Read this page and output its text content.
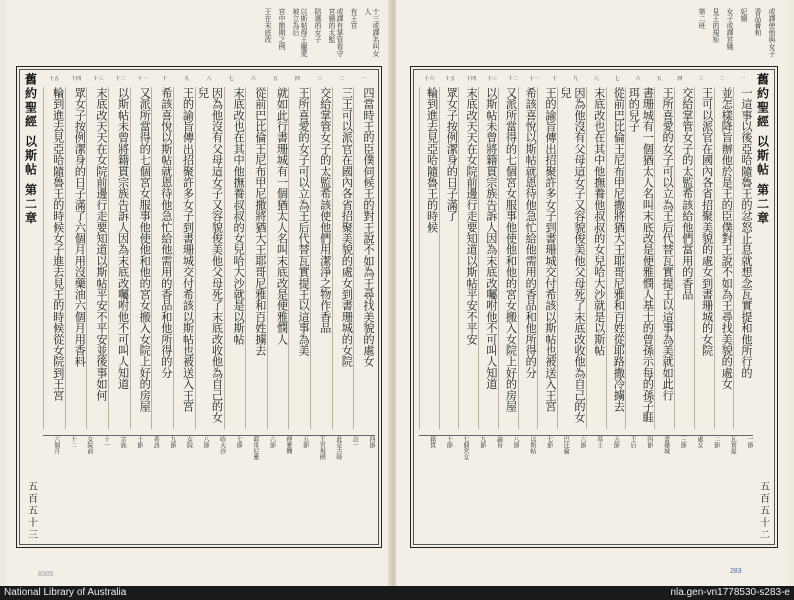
十三或譯名叫女人
有王宮
或譯有掌管看守宮嬪的太監
陪選的女子
以斯帖得王寵愛被立為后
宮中節期之例
王在末底改
舊約聖經 以斯帖 第二章
五百五十三
一
二
三
四
五
六
七
八
九
十
十一
十二
十三
十四
十五
四當時王的臣僕伺候王的對王說不如為王尋找美貌的處女
三王可以派官在國內各省招聚美貌的處女到書珊城的女院
交給掌管女子的太監希該使他們用潔淨之物作香品
王所喜愛的女子可以立為王后代替瓦實提王以這事為美
就如此行書珊城有一個猶太人名叫末底改是便雅憫人
從前巴比倫王尼布甲尼撒將猶大王耶哥尼雅和百姓擄去
末底改也在其中他撫養叔叔的女兒哈大沙就是以斯帖
因為他沒有父母這女子又容貌俊美他父母死了末底改收他為自己的女兒
王的諭旨傳出招聚許多女子到書珊城交付希該以斯帖也被送入王宮
希該喜悅以斯帖就恩待他急忙給他需用的香品和他所得的分
又派所當得的七個宮女服事他使他和他的宮女搬入女院上好的房屋
以斯帖未曾將籍貫宗族告訴人因為末底改囑咐他不可叫人知道
末底改天天在女院前邊行走要知道以斯帖平安不平安並後事如何
眾女子按例潔身的日子滿了六個月用沒藥油六個月用香料
輪到進去見亞哈隨魯王的時候女子進去見王的時候從女院到王宮
四節
註一
此是古時
王宮規例
五節
便雅憫
六節
耶哥尼雅
七節
哈大沙
八節
女院
九節
希該
十節
宗族
十一
女院前
十二
六個月
8305
或譯使他與女子
香品膏和
妃嬪
女子或譯宮娥
見王的規矩
第二班
舊約聖經 以斯帖 第二章
五百五十二
一
二
三
四
五
六
七
八
九
十
十一
十二
十三
十四
十五
十六
一這事以後亞哈隨魯王的忿怒止息就想念瓦實提和他所行的
並怎樣降旨辦他於是王的臣僕對王說不如為王尋找美貌的處女
王可以派官在國內各省招聚美貌的處女到書珊城的女院
交給掌管女子的太監希該給他們當用的香品
王所喜愛的女子可以立為王后代替瓦實提王以這事為美就如此行
書珊城有一個猶太人名叫末底改是便雅憫人基士的曾孫示每的孫子睚珥的兒子
從前巴比倫王尼布甲尼撒將猶大王耶哥尼雅和百姓從耶路撒冷擄去
末底改也在其中他撫養他叔叔的女兒哈大沙就是以斯帖
因為他沒有父母這女子又容貌俊美他父母死了末底改收他為自己的女兒
王的諭旨傳出招聚許多女子到書珊城交付希該以斯帖也被送入王宮
希該喜悅以斯帖就恩待他急忙給他需用的香品和他所得的分
又派所當得的七個宮女服事他使他和他的宮女搬入女院上好的房屋
以斯帖未曾將籍貫宗族告訴人因為末底改囑咐他不可叫人知道
末底改天天在女院前邊行走要知道以斯帖平安不平安
眾女子按例潔身的日子滿了
輪到進去見亞哈隨魯王的時候
一節
瓦實提
二節
處女
三節
書珊城
四節
王后
五節
基士
六節
巴比倫
七節
以斯帖
八節
諭旨
九節
七個宮女
十節
籍貫
283
National Library of Australia	nla.gen-vn1778530-s283-e
